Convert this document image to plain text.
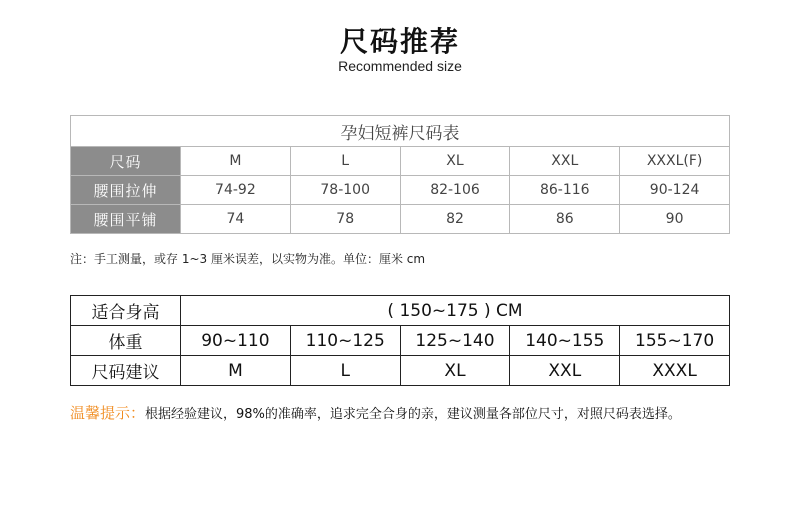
尺码推荐
Recommended size
孕妇短裤尺码表					
尺码	M	L	XL	XXL	XXXL(F)
腰围拉伸	74-92	78-100	82-106	86-116	90-124
腰围平铺	74	78	82	86	90
注：手工测量，或存 1~3 厘米误差，以实物为准。单位：厘米 cm
适合身高	( 150~175 ) CM				
体重	90~110	110~125	125~140	140~155	155~170
尺码建议	M	L	XL	XXL	XXXL
温馨提示：根据经验建议，98%的准确率，追求完全合身的亲，建议测量各部位尺寸，对照尺码表选择。
